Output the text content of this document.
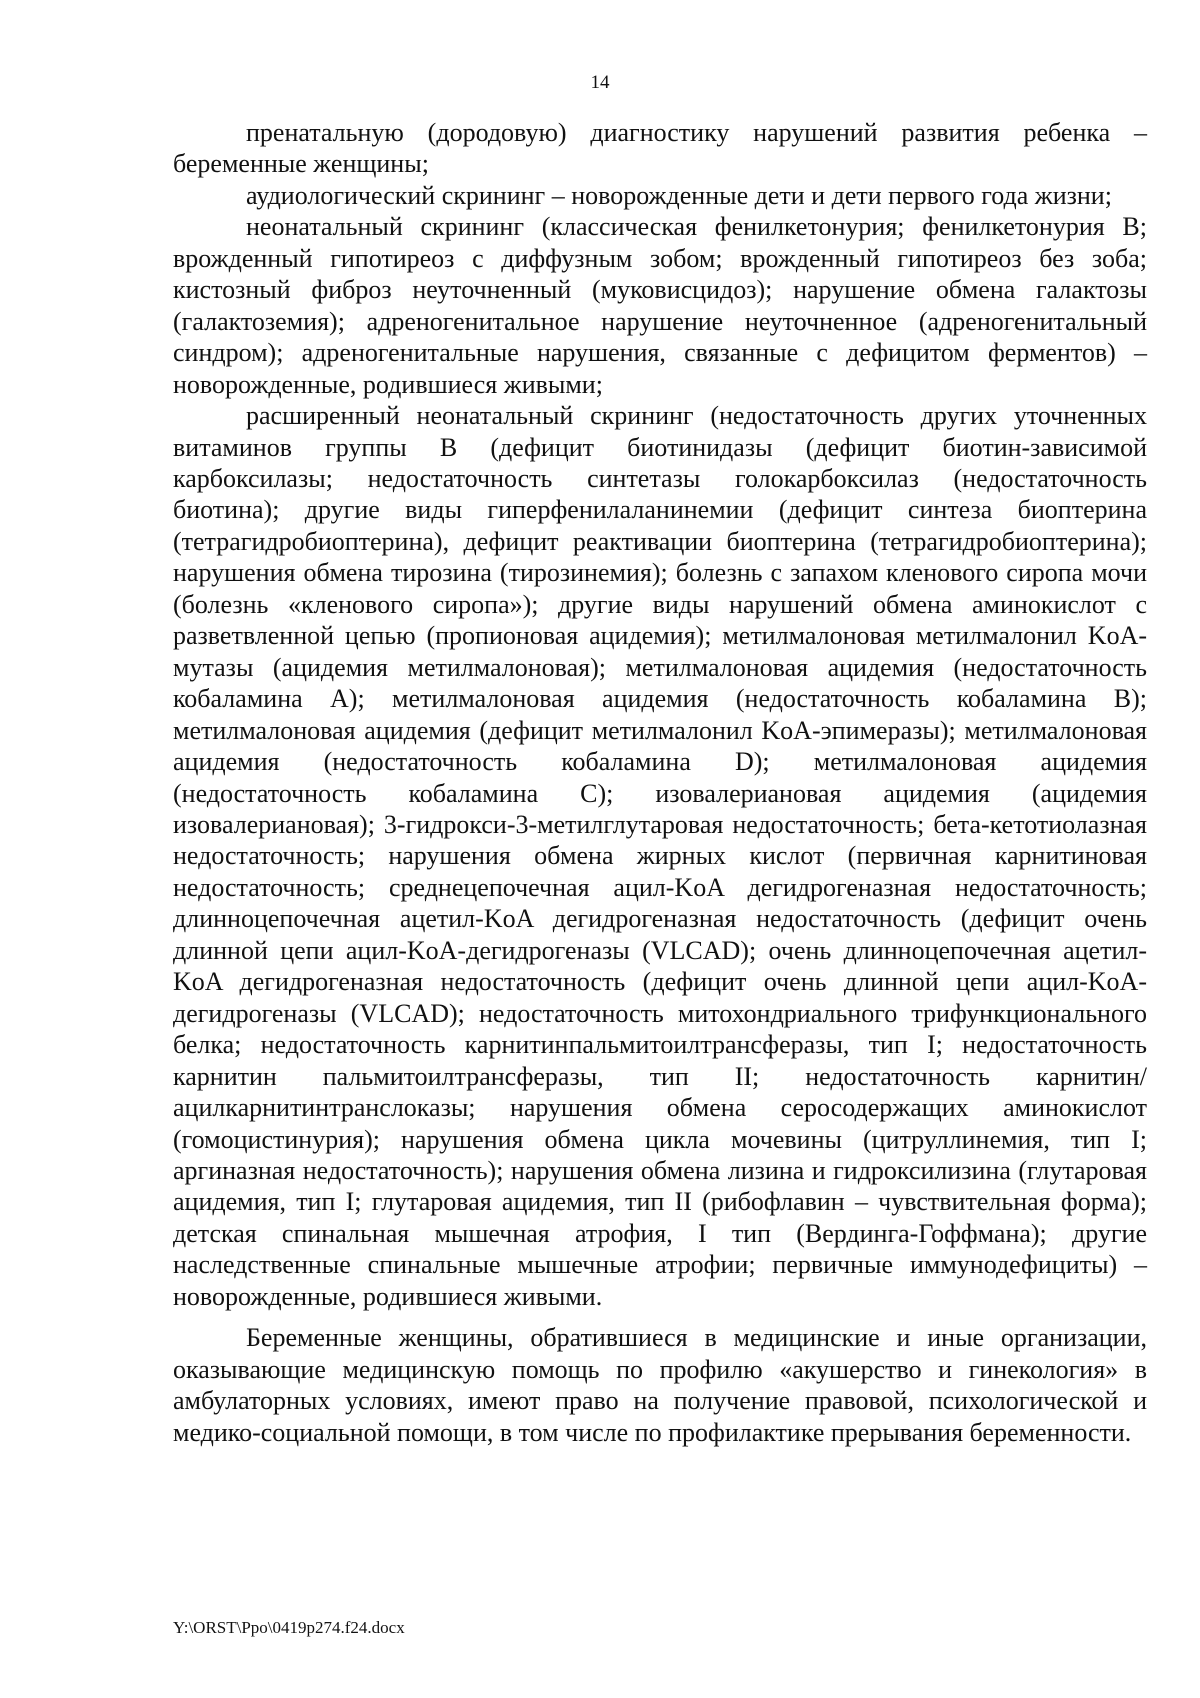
14

пренатальную (дородовую) диагностику нарушений развития ребенка – беременные женщины;

аудиологический скрининг – новорожденные дети и дети первого года жизни;

неонатальный скрининг (классическая фенилкетонурия; фенилкетонурия B; врожденный гипотиреоз с диффузным зобом; врожденный гипотиреоз без зоба; кистозный фиброз неуточненный (муковисцидоз); нарушение обмена галактозы (галактоземия); адреногенитальное нарушение неуточненное (адреногенитальный синдром); адреногенитальные нарушения, связанные с дефицитом ферментов) – новорожденные, родившиеся живыми;

расширенный неонатальный скрининг (недостаточность других уточненных витаминов группы B (дефицит биотинидазы (дефицит биотин-зависимой карбоксилазы; недостаточность синтетазы голокарбоксилаз (недостаточность биотина); другие виды гиперфенилаланинемии (дефицит синтеза биоптерина (тетрагидробиоптерина), дефицит реактивации биоптерина (тетрагидробиоптерина); нарушения обмена тирозина (тирозинемия); болезнь с запахом кленового сиропа мочи (болезнь «кленового сиропа»); другие виды нарушений обмена аминокислот с разветвленной цепью (пропионовая ацидемия); метилмалоновая метилмалонил KoA-мутазы (ацидемия метилмалоновая); метилмалоновая ацидемия (недостаточность кобаламина A); метилмалоновая ацидемия (недостаточность кобаламина B); метилмалоновая ацидемия (дефицит метилмалонил KoA-эпимеразы); метилмалоновая ацидемия (недостаточность кобаламина D); метилмалоновая ацидемия (недостаточность кобаламина C); изовалериановая ацидемия (ацидемия изовалериановая); 3-гидрокси-3-метилглутаровая недостаточность; бета-кетотиолазная недостаточность; нарушения обмена жирных кислот (первичная карнитиновая недостаточность; среднецепочечная ацил-KoA дегидрогеназная недостаточность; длинноцепочечная ацетил-KoA дегидрогеназная недостаточность (дефицит очень длинной цепи ацил-KoA-дегидрогеназы (VLCAD); очень длинноцепочечная ацетил-KoA дегидрогеназная недостаточность (дефицит очень длинной цепи ацил-KoA-дегидрогеназы (VLCAD); недостаточность митохондриального трифункционального белка; недостаточность карнитинпальмитоилтрансферазы, тип I; недостаточность карнитин пальмитоилтрансферазы, тип II; недостаточность карнитин/ацилкарнитинтранслоказы; нарушения обмена серосодержащих аминокислот (гомоцистинурия); нарушения обмена цикла мочевины (цитруллинемия, тип I; аргиназная недостаточность); нарушения обмена лизина и гидроксилизина (глутаровая ацидемия, тип I; глутаровая ацидемия, тип II (рибофлавин – чувствительная форма); детская спинальная мышечная атрофия, I тип (Вердинга-Гоффмана); другие наследственные спинальные мышечные атрофии; первичные иммунодефициты) – новорожденные, родившиеся живыми.

Беременные женщины, обратившиеся в медицинские и иные организации, оказывающие медицинскую помощь по профилю «акушерство и гинекология» в амбулаторных условиях, имеют право на получение правовой, психологической и медико-социальной помощи, в том числе по профилактике прерывания беременности.

Y:\ORST\Ppo\0419p274.f24.docx
